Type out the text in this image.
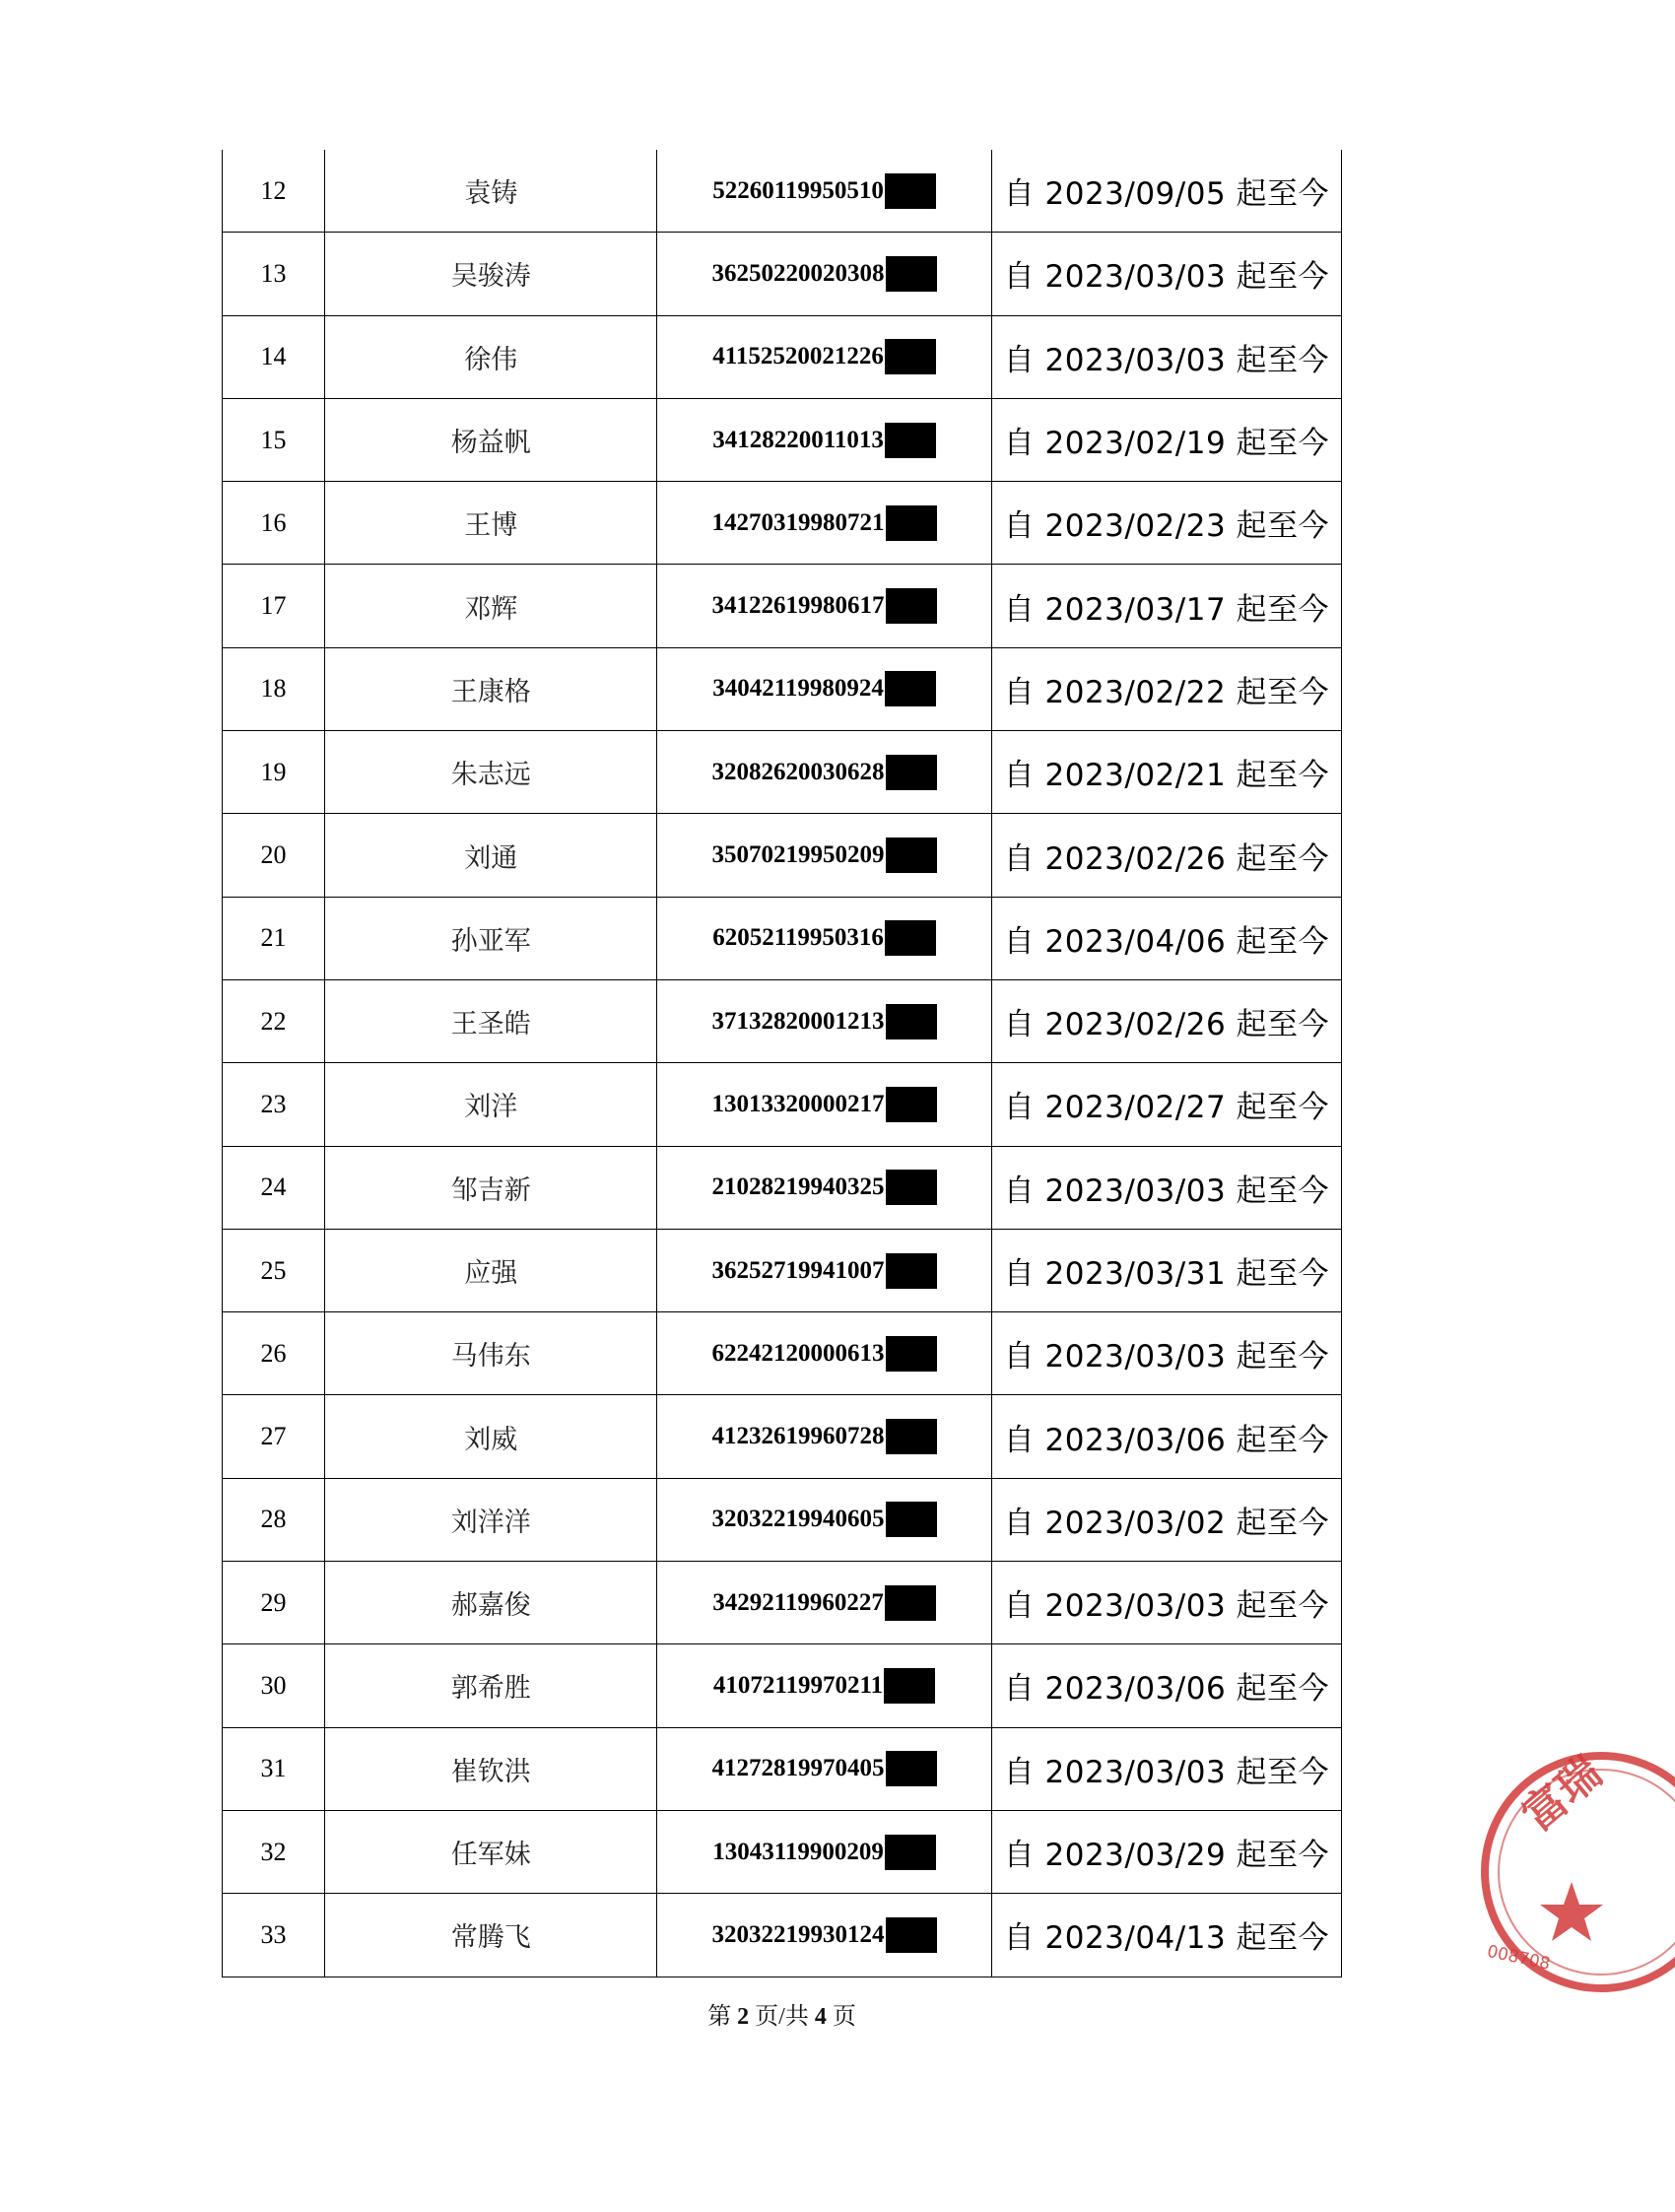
12	袁铸	52260119950510	自 2023/09/05 起至今
13	吴骏涛	36250220020308	自 2023/03/03 起至今
14	徐伟	41152520021226	自 2023/03/03 起至今
15	杨益帆	34128220011013	自 2023/02/19 起至今
16	王博	14270319980721	自 2023/02/23 起至今
17	邓辉	34122619980617	自 2023/03/17 起至今
18	王康格	34042119980924	自 2023/02/22 起至今
19	朱志远	32082620030628	自 2023/02/21 起至今
20	刘通	35070219950209	自 2023/02/26 起至今
21	孙亚军	62052119950316	自 2023/04/06 起至今
22	王圣皓	37132820001213	自 2023/02/26 起至今
23	刘洋	13013320000217	自 2023/02/27 起至今
24	邹吉新	21028219940325	自 2023/03/03 起至今
25	应强	36252719941007	自 2023/03/31 起至今
26	马伟东	62242120000613	自 2023/03/03 起至今
27	刘威	41232619960728	自 2023/03/06 起至今
28	刘洋洋	32032219940605	自 2023/03/02 起至今
29	郝嘉俊	34292119960227	自 2023/03/03 起至今
30	郭希胜	41072119970211	自 2023/03/06 起至今
31	崔钦洪	41272819970405	自 2023/03/03 起至今
32	任军妹	13043119900209	自 2023/03/29 起至今
33	常腾飞	32032219930124	自 2023/04/13 起至今
第 2 页/共 4 页
富瑞
008708
